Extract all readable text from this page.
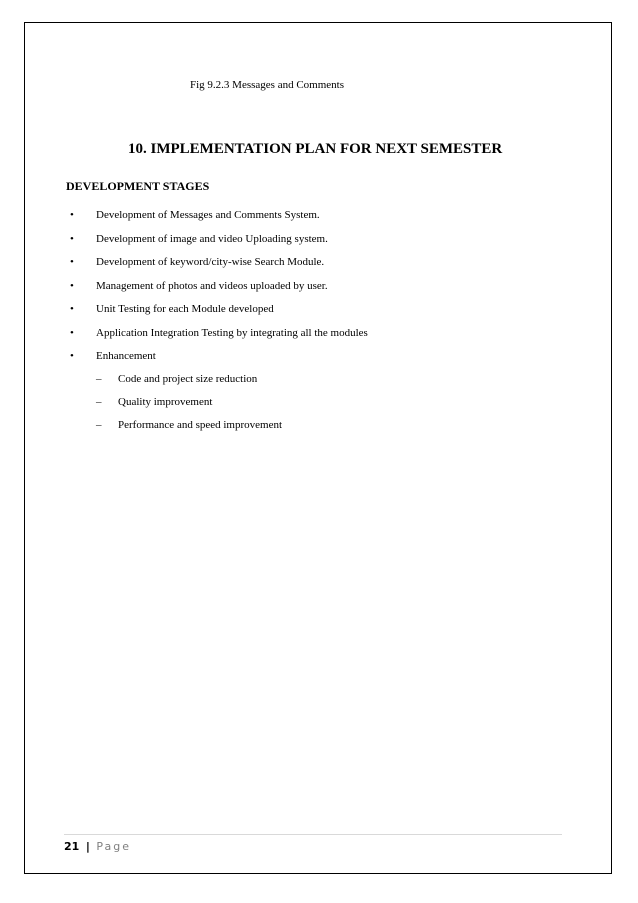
Fig 9.2.3 Messages and Comments
10. IMPLEMENTATION PLAN FOR NEXT SEMESTER
DEVELOPMENT STAGES
• Development of Messages and Comments System.
• Development of image and video Uploading system.
• Development of keyword/city-wise Search Module.
• Management of photos and videos uploaded by user.
• Unit Testing for each Module developed
• Application Integration Testing by integrating all the modules
• Enhancement
– Code and project size reduction
– Quality improvement
– Performance and speed improvement
21 | Page
